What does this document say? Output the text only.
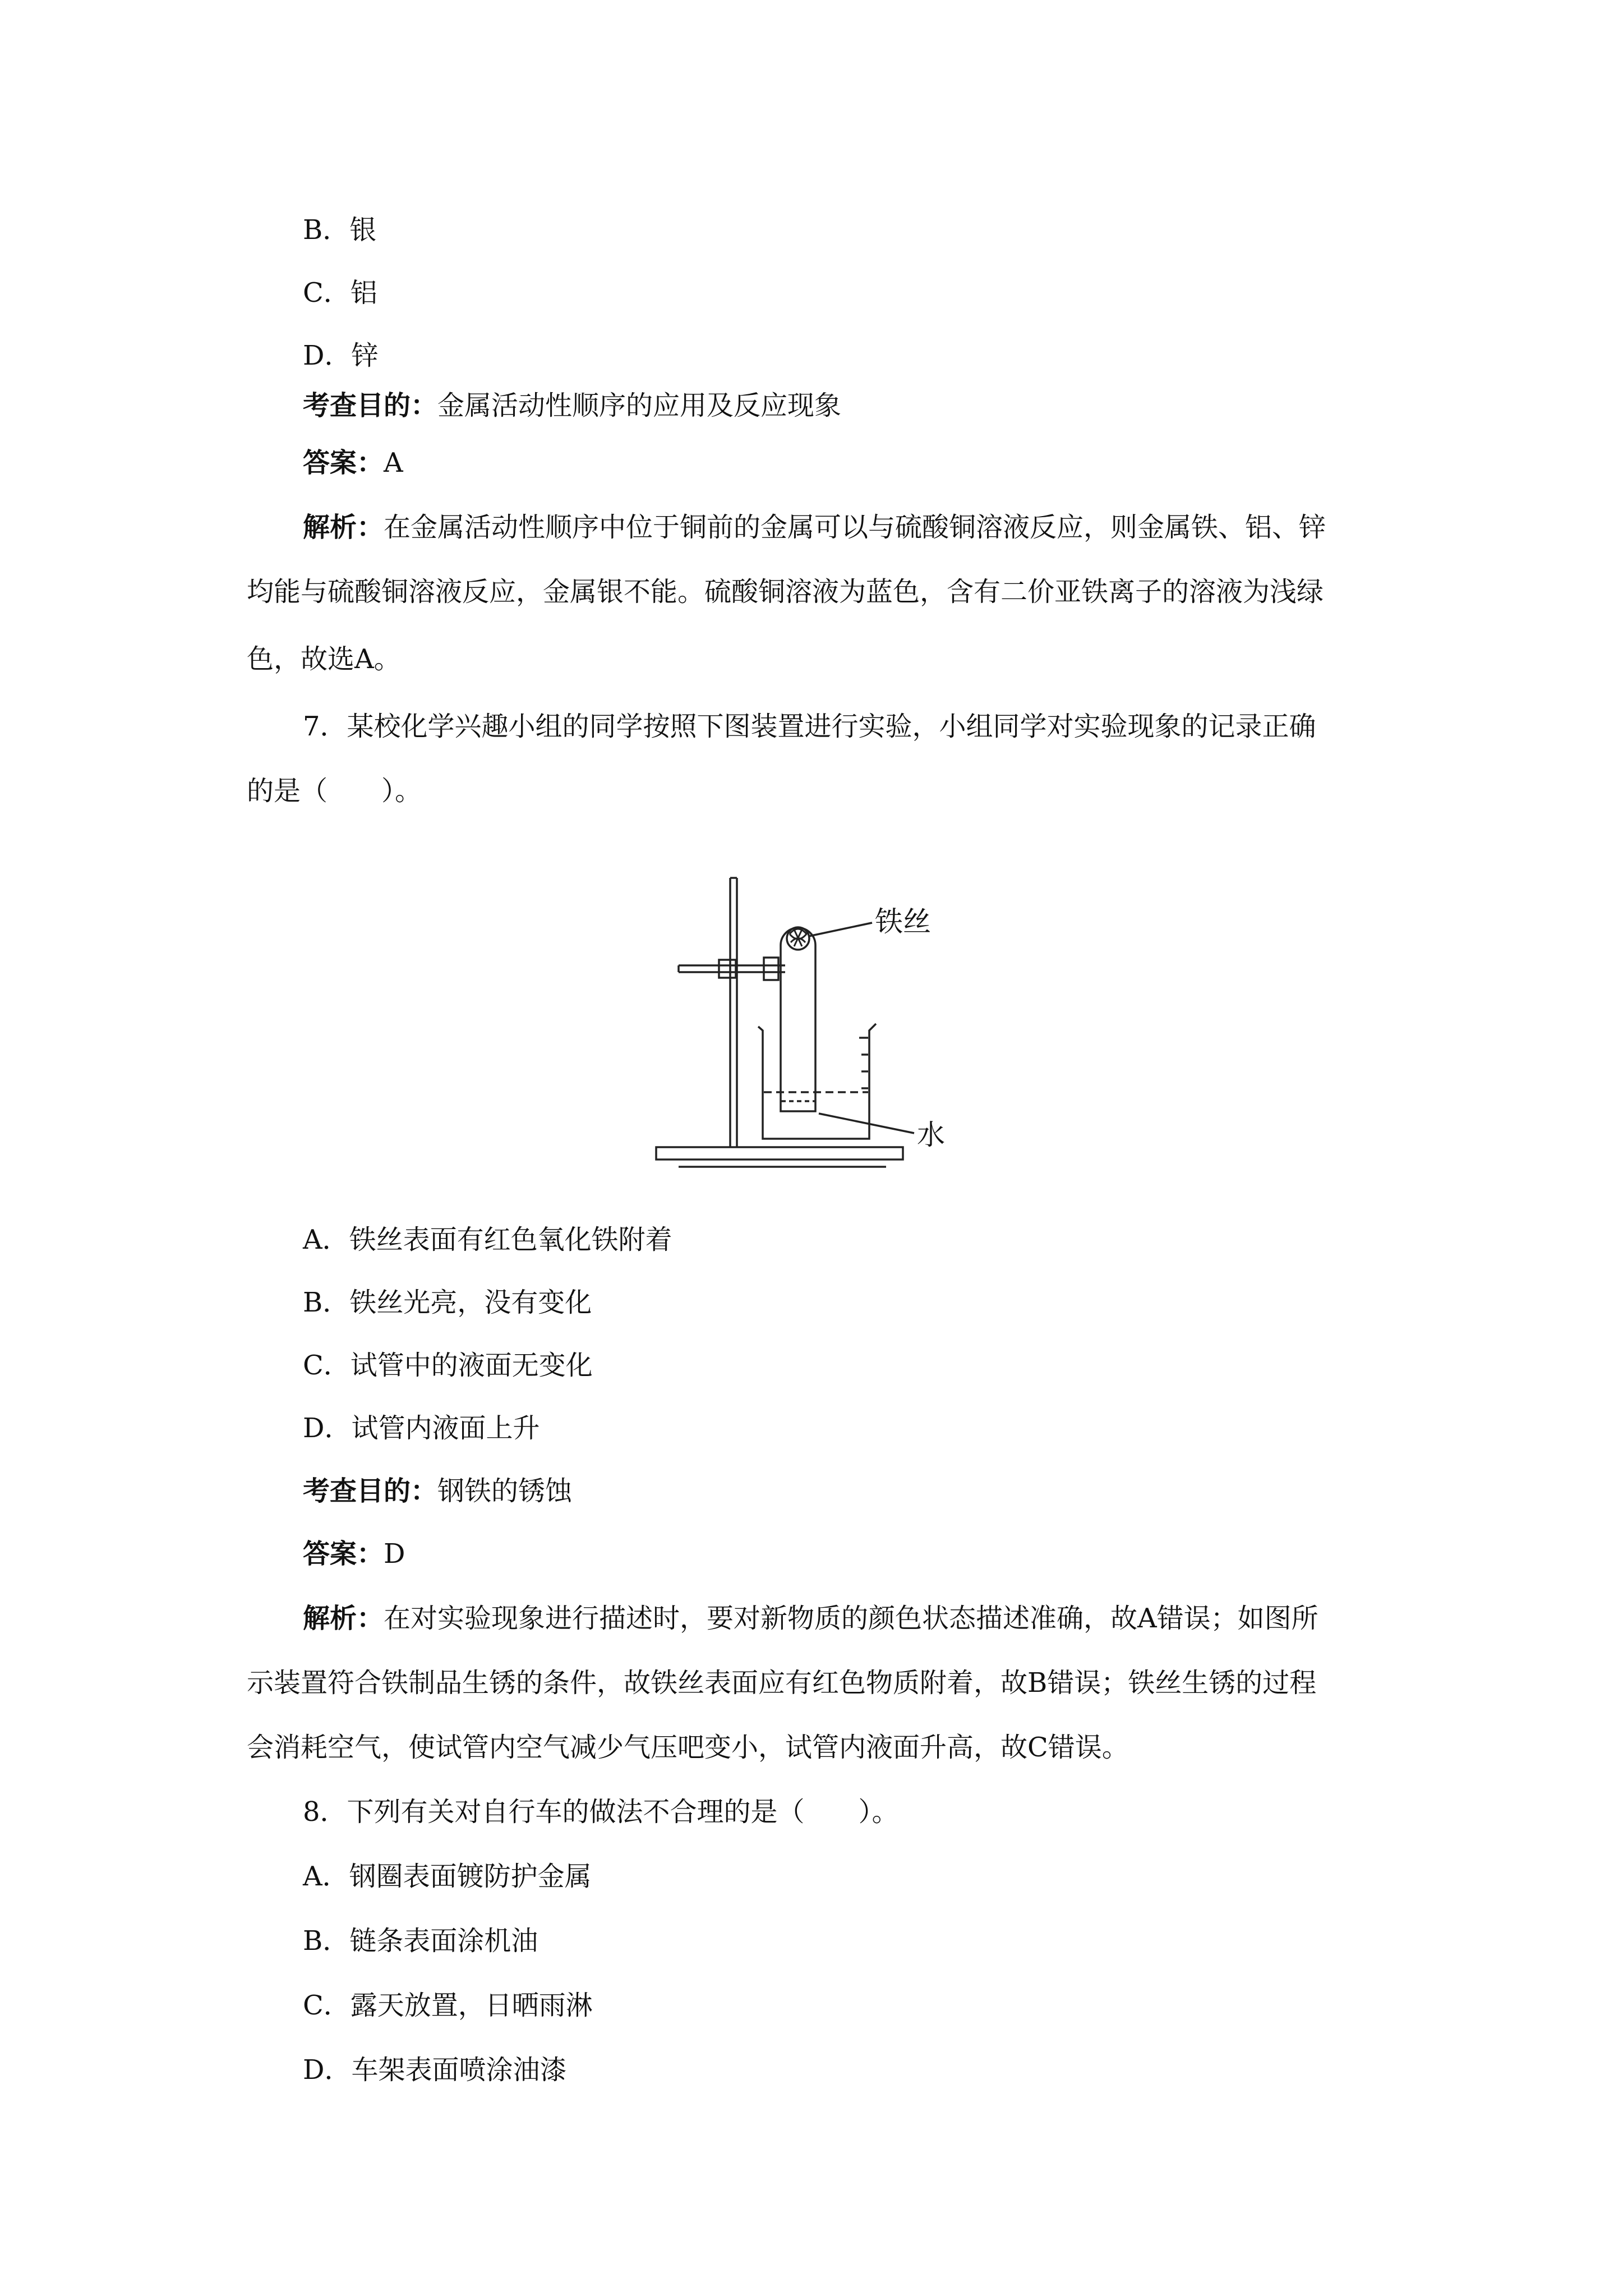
B．银
C．铝
D．锌
考查目的：金属活动性顺序的应用及反应现象
答案：A
解析：在金属活动性顺序中位于铜前的金属可以与硫酸铜溶液反应，则金属铁、铝、锌
均能与硫酸铜溶液反应，金属银不能。硫酸铜溶液为蓝色，含有二价亚铁离子的溶液为浅绿
色，故选A。
7．某校化学兴趣小组的同学按照下图装置进行实验，小组同学对实验现象的记录正确
的是（　　）。
铁丝
水
A．铁丝表面有红色氧化铁附着
B．铁丝光亮，没有变化
C．试管中的液面无变化
D．试管内液面上升
考查目的：钢铁的锈蚀
答案：D
解析：在对实验现象进行描述时，要对新物质的颜色状态描述准确，故A错误；如图所
示装置符合铁制品生锈的条件，故铁丝表面应有红色物质附着，故B错误；铁丝生锈的过程
会消耗空气，使试管内空气减少气压吧变小，试管内液面升高，故C错误。
8．下列有关对自行车的做法不合理的是（　　）。
A．钢圈表面镀防护金属
B．链条表面涂机油
C．露天放置，日晒雨淋
D．车架表面喷涂油漆
